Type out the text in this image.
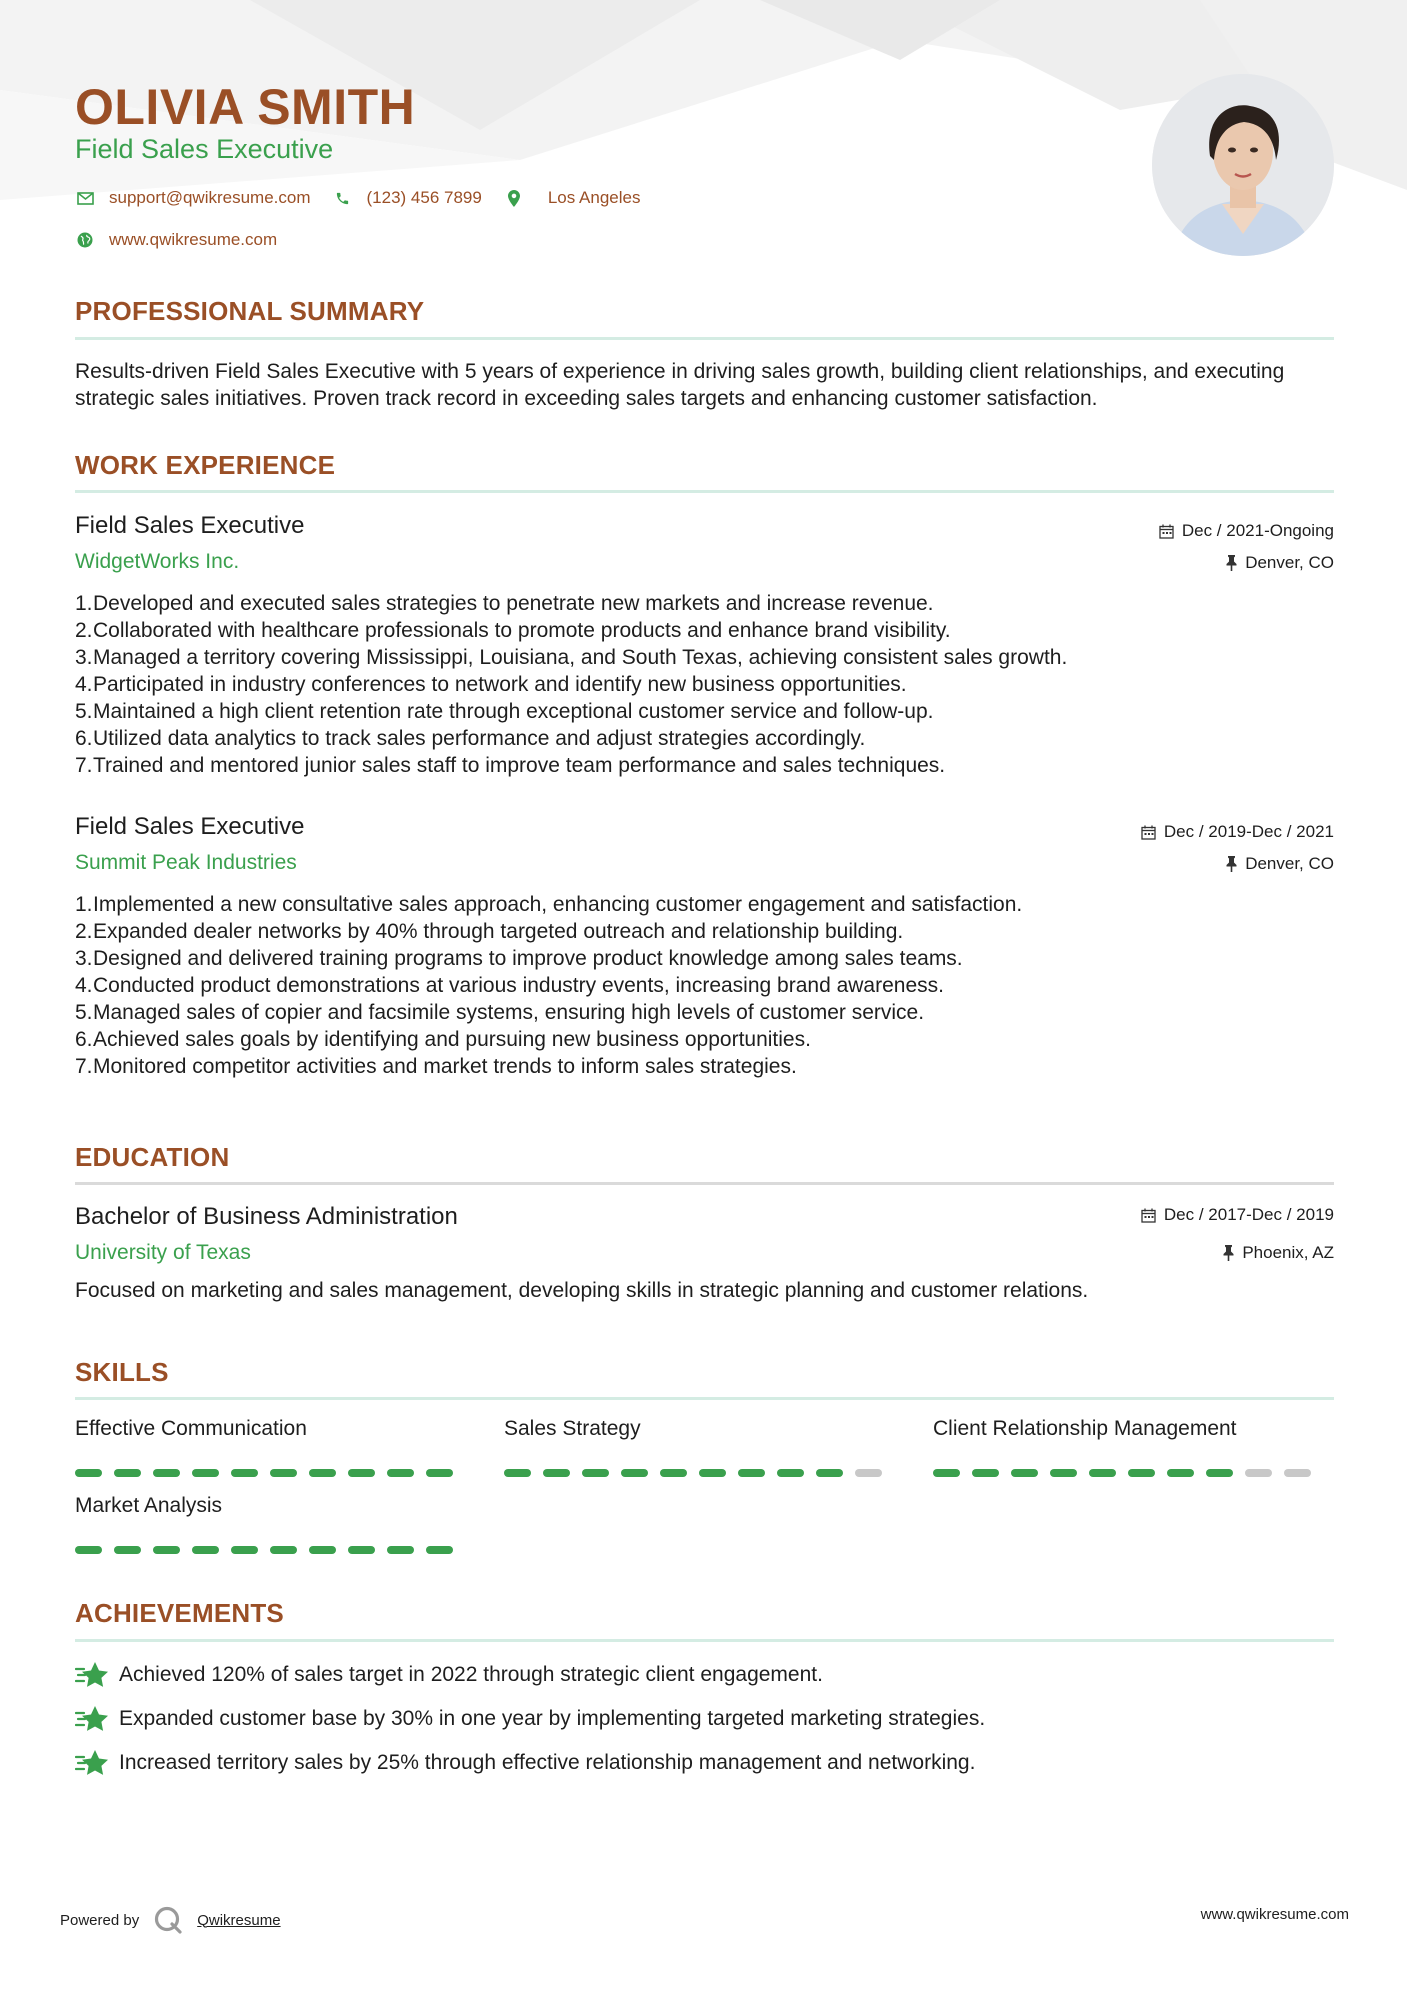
OLIVIA SMITH
Field Sales Executive
support@qwikresume.com	(123) 456 7899	Los Angeles
www.qwikresume.com
PROFESSIONAL SUMMARY
Results-driven Field Sales Executive with 5 years of experience in driving sales growth, building client relationships, and executing strategic sales initiatives. Proven track record in exceeding sales targets and enhancing customer satisfaction.
WORK EXPERIENCE
Field Sales Executive	Dec / 2021-Ongoing
WidgetWorks Inc.	Denver, CO
1. Developed and executed sales strategies to penetrate new markets and increase revenue.
2. Collaborated with healthcare professionals to promote products and enhance brand visibility.
3. Managed a territory covering Mississippi, Louisiana, and South Texas, achieving consistent sales growth.
4. Participated in industry conferences to network and identify new business opportunities.
5. Maintained a high client retention rate through exceptional customer service and follow-up.
6. Utilized data analytics to track sales performance and adjust strategies accordingly.
7. Trained and mentored junior sales staff to improve team performance and sales techniques.
Field Sales Executive	Dec / 2019-Dec / 2021
Summit Peak Industries	Denver, CO
1. Implemented a new consultative sales approach, enhancing customer engagement and satisfaction.
2. Expanded dealer networks by 40% through targeted outreach and relationship building.
3. Designed and delivered training programs to improve product knowledge among sales teams.
4. Conducted product demonstrations at various industry events, increasing brand awareness.
5. Managed sales of copier and facsimile systems, ensuring high levels of customer service.
6. Achieved sales goals by identifying and pursuing new business opportunities.
7. Monitored competitor activities and market trends to inform sales strategies.
EDUCATION
Bachelor of Business Administration	Dec / 2017-Dec / 2019
University of Texas	Phoenix, AZ
Focused on marketing and sales management, developing skills in strategic planning and customer relations.
SKILLS
Effective Communication	Sales Strategy	Client Relationship Management
Market Analysis
ACHIEVEMENTS
Achieved 120% of sales target in 2022 through strategic client engagement.
Expanded customer base by 30% in one year by implementing targeted marketing strategies.
Increased territory sales by 25% through effective relationship management and networking.
Powered by	Qwikresume	www.qwikresume.com
